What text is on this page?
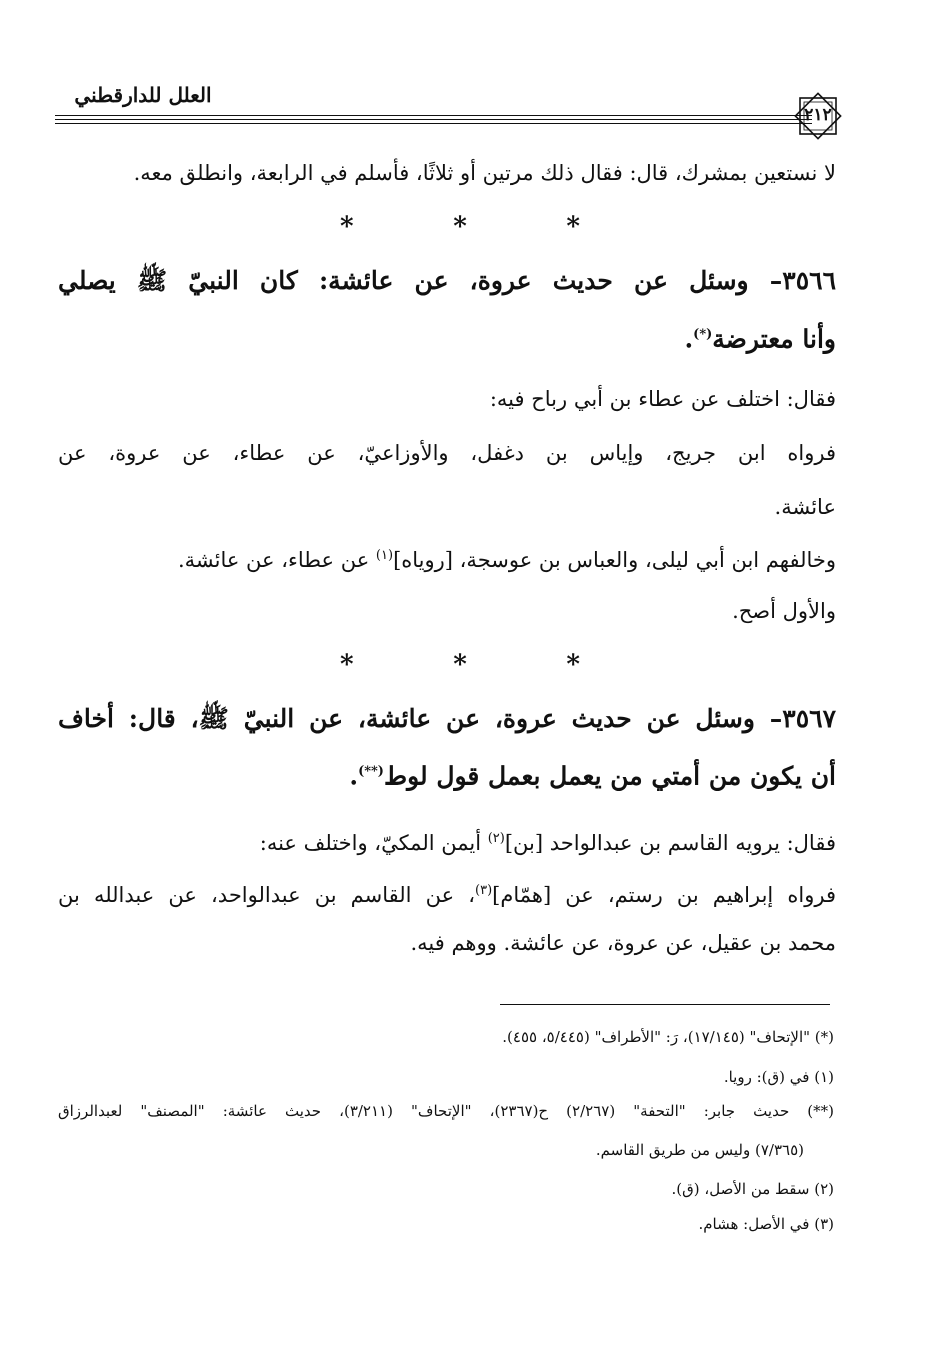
العلل للدارقطني
٢١٢
لا نستعين بمشرك، قال: فقال ذلك مرتين أو ثلاثًا، فأسلم في الرابعة، وانطلق معه.
*	*	*
٣٥٦٦– وسئل عن حديث عروة، عن عائشة: كان النبيّ ﷺ يصلي
وأنا معترضة(*).
فقال: اختلف عن عطاء بن أبي رباح فيه:
فرواه ابن جريج، وإياس بن دغفل، والأوزاعيّ، عن عطاء، عن عروة، عن
عائشة.
وخالفهم ابن أبي ليلى، والعباس بن عوسجة، [روياه]$^{(١)}$ عن عطاء، عن عائشة.
والأول أصح.
*	*	*
٣٥٦٧– وسئل عن حديث عروة، عن عائشة، عن النبيّ ﷺ، قال: أخاف
أن يكون من أمتي من يعمل بعمل قول لوط(**).
فقال: يرويه القاسم بن عبدالواحد [بن]$^{(٢)}$ أيمن المكيّ، واختلف عنه:
فرواه إبراهيم بن رستم، عن [همّام]$^{(٣)}$، عن القاسم بن عبدالواحد، عن عبدالله بن
محمد بن عقيل، عن عروة، عن عائشة. ووهم فيه.
(*) "الإتحاف" (١٧/١٤٥)، رَ: "الأطراف" (٥/٤٤٥، ٤٥٥).
(١) في (ق): رويا.
(**) حديث جابر: "التحفة" (٢/٢٦٧) ح(٢٣٦٧)، "الإتحاف" (٣/٢١١)، حديث عائشة: "المصنف" لعبدالرزاق
(٧/٣٦٥) وليس من طريق القاسم.
(٢) سقط من الأصل، (ق).
(٣) في الأصل: هشام.
